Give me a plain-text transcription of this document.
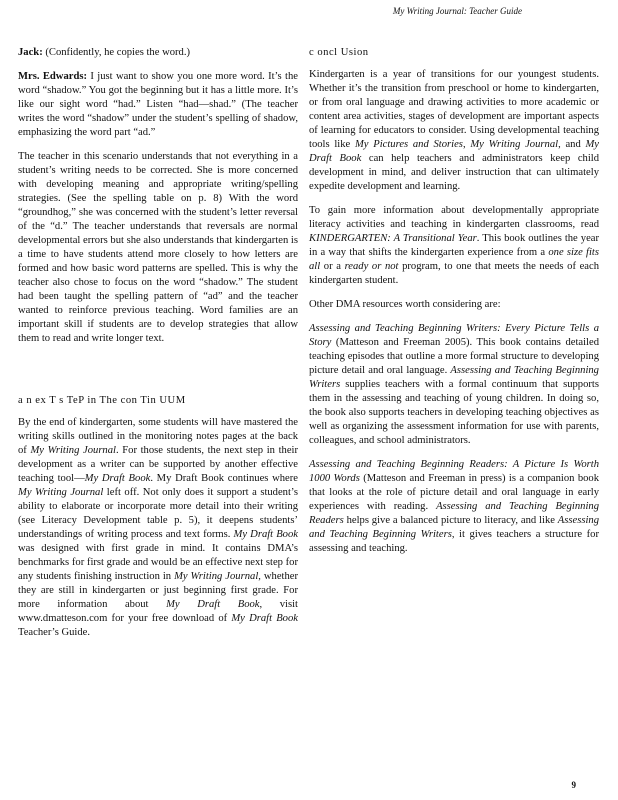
My Writing Journal: Teacher Guide

Jack: (Confidently, he copies the word.)

Mrs. Edwards: I just want to show you one more word. It’s the word “shadow.” You got the beginning but it has a little more. It’s like our sight word “had.” Listen “had—shad.” (The teacher writes the word “shadow” under the student’s spelling of shadow, emphasizing the word part “ad.”

The teacher in this scenario understands that not everything in a student’s writing needs to be corrected. She is more concerned with developing meaning and appropriate writing/spelling strategies. (See the spelling table on p. 8) With the word “groundhog,” she was concerned with the student’s letter reversal of the “d.” The teacher understands that reversals are normal developmental errors but she also understands that kindergarten is a time to have students attend more closely to how letters are formed and how basic word patterns are spelled. This is why the teacher also chose to focus on the word “shadow.” The student had been taught the spelling pattern of “ad” and the teacher wanted to reinforce previous teaching. Word families are an important skill if students are to develop strategies that allow them to read and write longer text.

a n ex T s TeP in The con Tin UUM

By the end of kindergarten, some students will have mastered the writing skills outlined in the monitoring notes pages at the back of My Writing Journal. For those students, the next step in their development as a writer can be supported by another effective teaching tool—My Draft Book. My Draft Book continues where My Writing Journal left off. Not only does it support a student’s ability to elaborate or incorporate more detail into their writing (see Literacy Development table p. 5), it deepens students’ understandings of writing process and text forms. My Draft Book was designed with first grade in mind. It contains DMA’s benchmarks for first grade and would be an effective next step for any students finishing instruction in My Writing Journal, whether they are still in kindergarten or just beginning first grade. For more information about My Draft Book, visit www.dmatteson.com for your free download of My Draft Book Teacher’s Guide.

c oncl Usion

Kindergarten is a year of transitions for our youngest students. Whether it’s the transition from preschool or home to kindergarten, or from oral language and drawing activities to more academic or content area activities, stages of development are important aspects of learning for educators to consider. Using developmental teaching tools like My Pictures and Stories, My Writing Journal, and My Draft Book can help teachers and administrators keep child development in mind, and deliver instruction that can ultimately expedite development and learning.

To gain more information about developmentally appropriate literacy activities and teaching in kindergarten classrooms, read KINDERGARTEN: A Transitional Year. This book outlines the year in a way that shifts the kindergarten experience from a one size fits all or a ready or not program, to one that meets the needs of each kindergarten student.

Other DMA resources worth considering are:

Assessing and Teaching Beginning Writers: Every Picture Tells a Story (Matteson and Freeman 2005). This book contains detailed teaching episodes that outline a more formal structure to developing picture detail and oral language. Assessing and Teaching Beginning Writers supplies teachers with a formal continuum that supports them in the assessing and teaching of young children. In doing so, the book also supports teachers in developing teaching objectives as well as organizing the assessment information for use with parents, colleagues, and school administrators.

Assessing and Teaching Beginning Readers: A Picture Is Worth 1000 Words (Matteson and Freeman in press) is a companion book that looks at the role of picture detail and oral language in early experiences with reading. Assessing and Teaching Beginning Readers helps give a balanced picture to literacy, and like Assessing and Teaching Beginning Writers, it gives teachers a structure for assessing and teaching.

9
